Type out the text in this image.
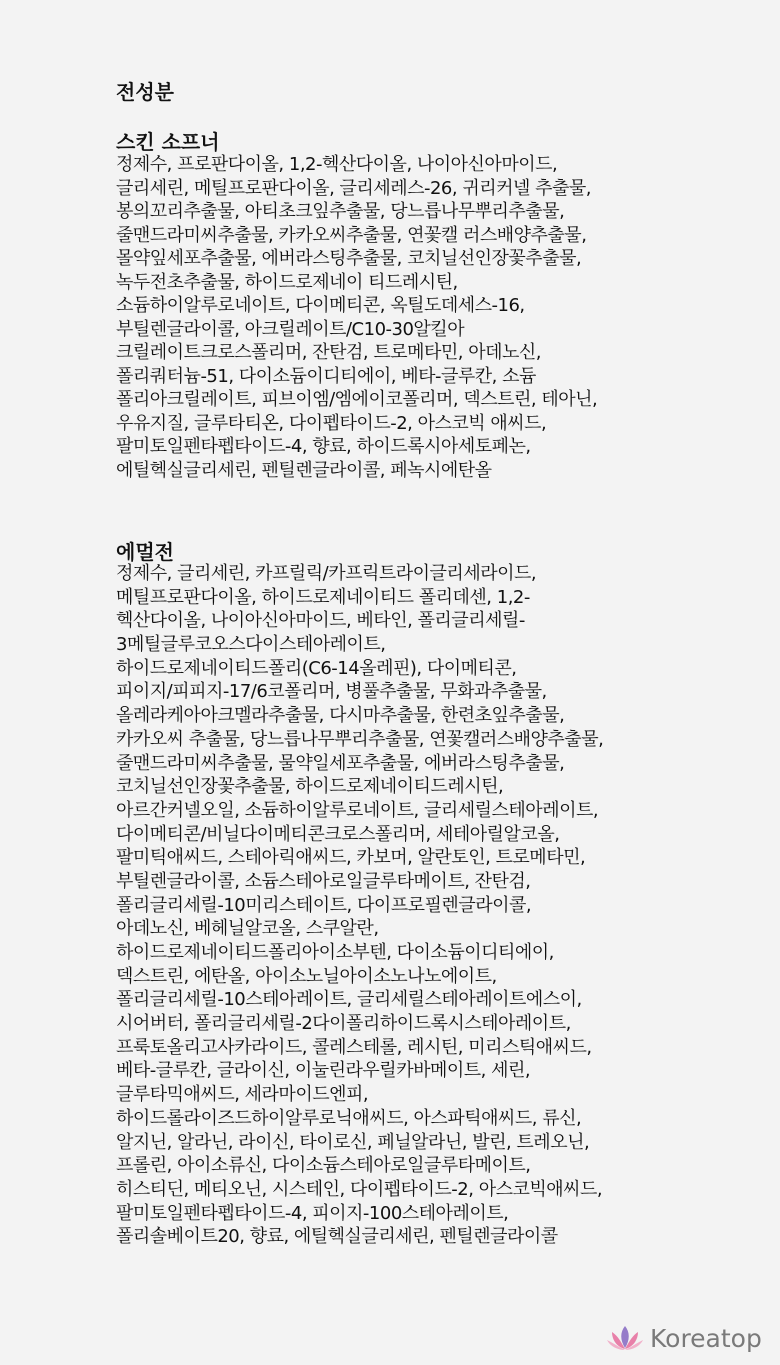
전성분
스킨 소프너
정제수, 프로판다이올, 1,2-헥산다이올, 나이아신아마이드,
글리세린, 메틸프로판다이올, 글리세레스-26, 귀리커넬 추출물,
봉의꼬리추출물, 아티초크잎추출물, 당느릅나무뿌리추출물,
줄맨드라미씨추출물, 카카오씨추출물, 연꽃캘 러스배양추출물,
몰약잎세포추출물, 에버라스팅추출물, 코치닐선인장꽃추출물,
녹두전초추출물, 하이드로제네이 티드레시틴,
소듐하이알루로네이트, 다이메티콘, 옥틸도데세스-16,
부틸렌글라이콜, 아크릴레이트/C10-30알킬아
크릴레이트크로스폴리머, 잔탄검, 트로메타민, 아데노신,
폴리쿼터늄-51, 다이소듐이디티에이, 베타-글루칸, 소듐
폴리아크릴레이트, 피브이엠/엠에이코폴리머, 덱스트린, 테아닌,
우유지질, 글루타티온, 다이펩타이드-2, 아스코빅 애씨드,
팔미토일펜타펩타이드-4, 향료, 하이드록시아세토페논,
에틸헥실글리세린, 펜틸렌글라이콜, 페녹시에탄올
에멀전
정제수, 글리세린, 카프릴릭/카프릭트라이글리세라이드,
메틸프로판다이올, 하이드로제네이티드 폴리데센, 1,2-
헥산다이올, 나이아신아마이드, 베타인, 폴리글리세릴-
3메틸글루코오스다이스테아레이트,
하이드로제네이티드폴리(C6-14올레핀), 다이메티콘,
피이지/피피지-17/6코폴리머, 병풀추출물, 무화과추출물,
올레라케아아크멜라추출물, 다시마추출물, 한련초잎추출물,
카카오씨 추출물, 당느릅나무뿌리추출물, 연꽃캘러스배양추출물,
줄맨드라미씨추출물, 물약일세포추출물, 에버라스팅추출물,
코치닐선인장꽃추출물, 하이드로제네이티드레시틴,
아르간커넬오일, 소듐하이알루로네이트, 글리세릴스테아레이트,
다이메티콘/비닐다이메티콘크로스폴리머, 세테아릴알코올,
팔미틱애씨드, 스테아릭애씨드, 카보머, 알란토인, 트로메타민,
부틸렌글라이콜, 소듐스테아로일글루타메이트, 잔탄검,
폴리글리세릴-10미리스테이트, 다이프로필렌글라이콜,
아데노신, 베헤닐알코올, 스쿠알란,
하이드로제네이티드폴리아이소부텐, 다이소듐이디티에이,
덱스트린, 에탄올, 아이소노닐아이소노나노에이트,
폴리글리세릴-10스테아레이트, 글리세릴스테아레이트에스이,
시어버터, 폴리글리세릴-2다이폴리하이드록시스테아레이트,
프룩토올리고사카라이드, 콜레스테롤, 레시틴, 미리스틱애씨드,
베타-글루칸, 글라이신, 이눌린라우릴카바메이트, 세린,
글루타믹애씨드, 세라마이드엔피,
하이드롤라이즈드하이알루로닉애씨드, 아스파틱애씨드, 류신,
알지닌, 알라닌, 라이신, 타이로신, 페닐알라닌, 발린, 트레오닌,
프롤린, 아이소류신, 다이소듐스테아로일글루타메이트,
히스티딘, 메티오닌, 시스테인, 다이펩타이드-2, 아스코빅애씨드,
팔미토일펜타펩타이드-4, 피이지-100스테아레이트,
폴리솔베이트20, 향료, 에틸헥실글리세린, 펜틸렌글라이콜
Koreatop
